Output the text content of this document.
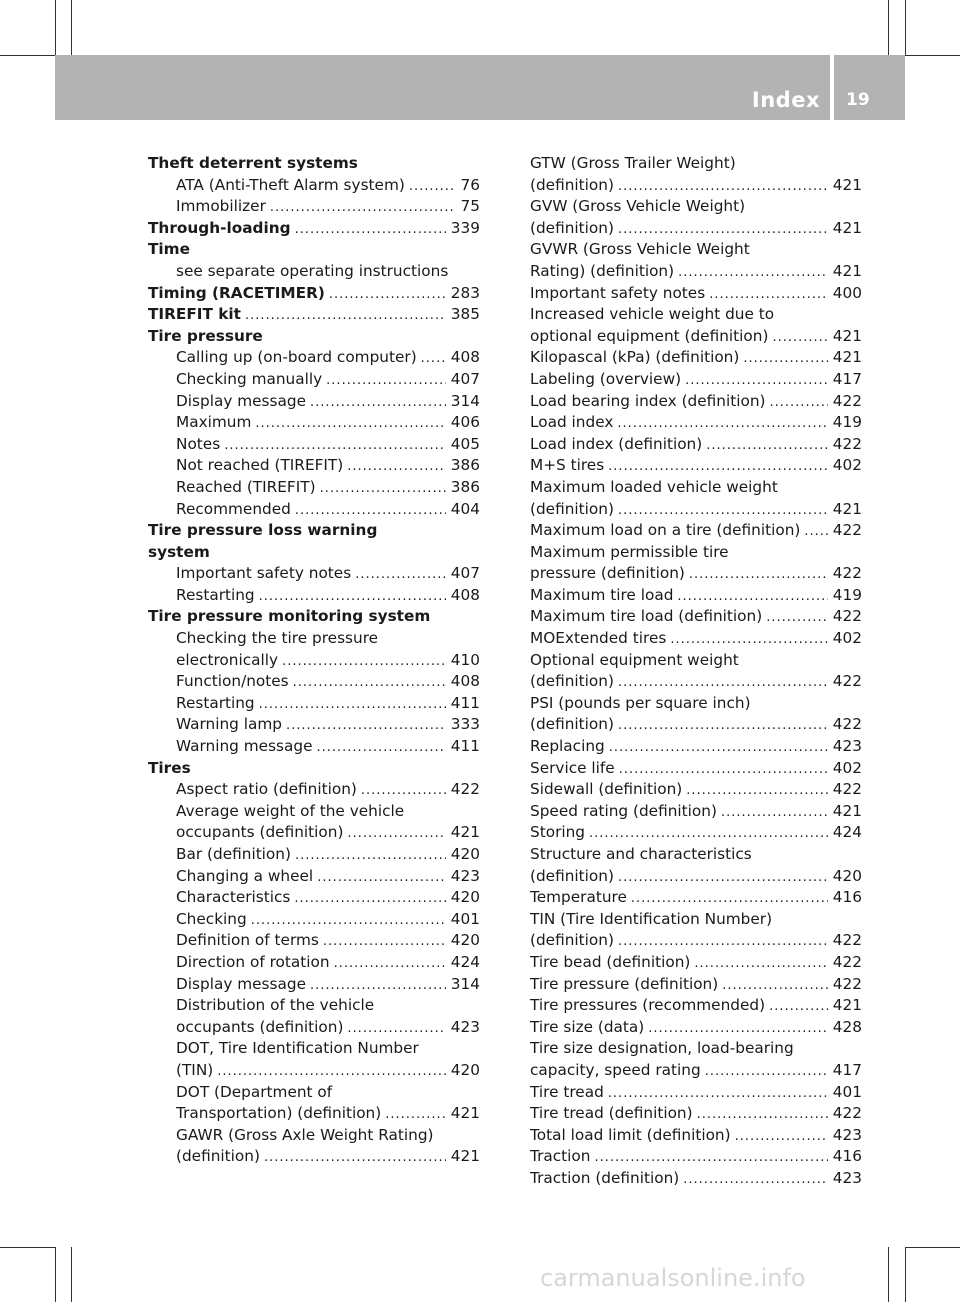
Index 19
Theft deterrent systems
ATA (Anti-Theft Alarm system) .....	76
Immobilizer .....	75
Through-loading .....	339
Time
see separate operating instructions
Timing (RACETIMER) .....	283
TIREFIT kit .....	385
Tire pressure
Calling up (on-board computer) ..... 408
Checking manually .....	407
Display message .....	314
Maximum .....	406
Notes .....	405
Not reached (TIREFIT) .....	386
Reached (TIREFIT) .....	386
Recommended .....	404
Tire pressure loss warning
system
Important safety notes .....	407
Restarting .....	408
Tire pressure monitoring system
Checking the tire pressure
electronically .....	410
Function/notes .....	408
Restarting .....	411
Warning lamp .....	333
Warning message .....	411
Tires
Aspect ratio (definition) .....	422
Average weight of the vehicle
occupants (definition) .....	421
Bar (definition) .....	420
Changing a wheel .....	423
Characteristics .....	420
Checking .....	401
Definition of terms .....	420
Direction of rotation .....	424
Display message .....	314
Distribution of the vehicle
occupants (definition) .....	423
DOT, Tire Identification Number
(TIN) .....	420
DOT (Department of
Transportation) (definition) .....	421
GAWR (Gross Axle Weight Rating)
(definition) .....	421
GTW (Gross Trailer Weight)
(definition) .....	421
GVW (Gross Vehicle Weight)
(definition) .....	421
GVWR (Gross Vehicle Weight
Rating) (definition) .....	421
Important safety notes .....	400
Increased vehicle weight due to
optional equipment (definition) .....	421
Kilopascal (kPa) (definition) .....	421
Labeling (overview) .....	417
Load bearing index (definition) .....	422
Load index .....	419
Load index (definition) .....	422
M+S tires .....	402
Maximum loaded vehicle weight
(definition) .....	421
Maximum load on a tire (definition) ..... 422
Maximum permissible tire
pressure (definition) .....	422
Maximum tire load .....	419
Maximum tire load (definition) .....	422
MOExtended tires .....	402
Optional equipment weight
(definition) .....	422
PSI (pounds per square inch)
(definition) .....	422
Replacing .....	423
Service life .....	402
Sidewall (definition) .....	422
Speed rating (definition) .....	421
Storing .....	424
Structure and characteristics
(definition) .....	420
Temperature .....	416
TIN (Tire Identification Number)
(definition) .....	422
Tire bead (definition) .....	422
Tire pressure (definition) .....	422
Tire pressures (recommended) .....	421
Tire size (data) .....	428
Tire size designation, load-bearing
capacity, speed rating .....	417
Tire tread .....	401
Tire tread (definition) .....	422
Total load limit (definition) .....	423
Traction .....	416
Traction (definition) .....	423
carmanualsonline.info
